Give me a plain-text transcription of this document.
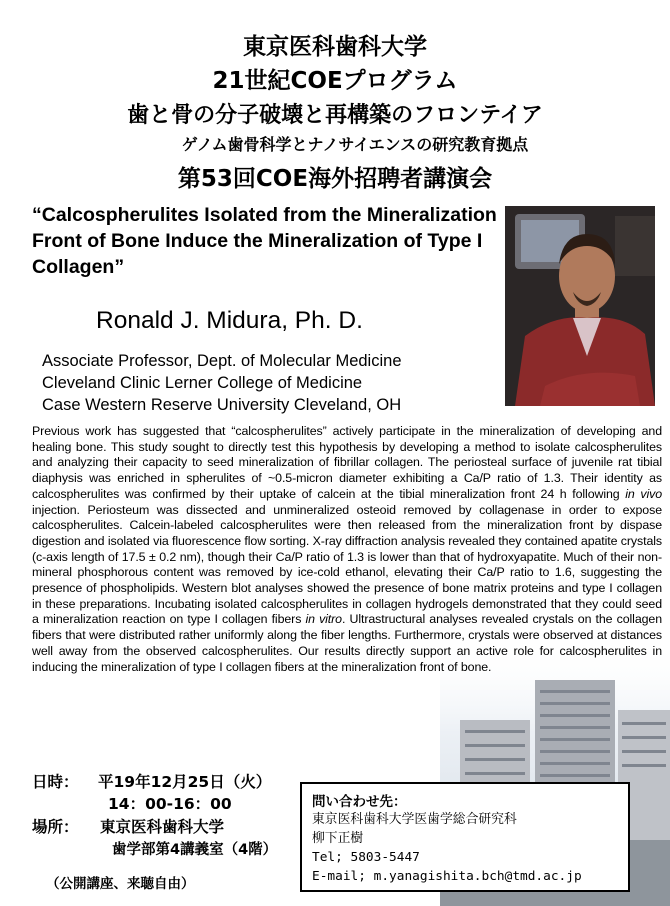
東京医科歯科大学
21世紀COEプログラム
歯と骨の分子破壊と再構築のフロンテイア
ゲノム歯骨科学とナノサイエンスの研究教育拠点
第53回COE海外招聘者講演会
“Calcospherulites Isolated from the Mineralization Front of Bone Induce the Mineralization of Type I Collagen”
Ronald J. Midura, Ph. D.
Associate Professor, Dept. of Molecular Medicine
Cleveland Clinic Lerner College of Medicine
Case Western Reserve University Cleveland, OH
Previous work has suggested that “calcospherulites” actively participate in the mineralization of developing and healing bone. This study sought to directly test this hypothesis by developing a method to isolate calcospherulites and analyzing their capacity to seed mineralization of fibrillar collagen. The periosteal surface of juvenile rat tibial diaphysis was enriched in spherulites of ~0.5-micron diameter exhibiting a Ca/P ratio of 1.3. Their identity as calcospherulites was confirmed by their uptake of calcein at the tibial mineralization front 24 h following in vivo injection. Periosteum was dissected and unmineralized osteoid removed by collagenase in order to expose calcospherulites. Calcein-labeled calcospherulites were then released from the mineralization front by dispase digestion and isolated via fluorescence flow sorting. X-ray diffraction analysis revealed they contained apatite crystals (c-axis length of 17.5 ± 0.2 nm), though their Ca/P ratio of 1.3 is lower than that of hydroxyapatite. Much of their non-mineral phosphorous content was removed by ice-cold ethanol, elevating their Ca/P ratio to 1.6, suggesting the presence of phospholipids. Western blot analyses showed the presence of bone matrix proteins and type I collagen in these preparations. Incubating isolated calcospherulites in collagen hydrogels demonstrated that they could seed a mineralization reaction on type I collagen fibers in vitro. Ultrastructural analyses revealed crystals on the collagen fibers that were distributed rather uniformly along the fiber lengths. Furthermore, crystals were observed at distances well away from the observed calcospherulites. Our results directly support an active role for calcospherulites in inducing the mineralization of type I collagen fibers at the mineralization front of bone.
日時： 平19年12月25日（火）
14：00-16：00
場所： 東京医科歯科大学
歯学部第4講義室（4階）
（公開講座、来聴自由）
問い合わせ先：
東京医科歯科大学医歯学総合研究科
柳下正樹
Tel; 5803-5447
E-mail; m.yanagishita.bch@tmd.ac.jp
